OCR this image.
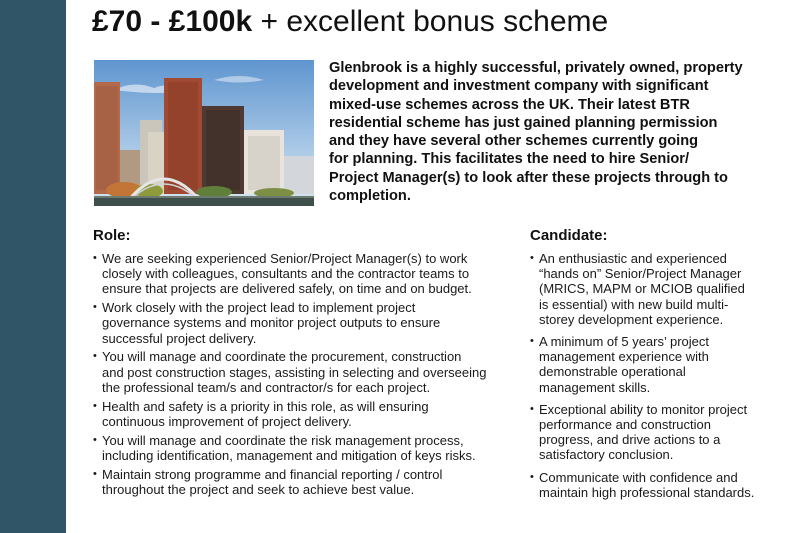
£70 - £100k + excellent bonus scheme

Glenbrook is a highly successful, privately owned, property
development and investment company with significant
mixed-use schemes across the UK. Their latest BTR
residential scheme has just gained planning permission
and they have several other schemes currently going
for planning. This facilitates the need to hire Senior/
Project Manager(s) to look after these projects through to
completion.

Role:
• We are seeking experienced Senior/Project Manager(s) to work
closely with colleagues, consultants and the contractor teams to
ensure that projects are delivered safely, on time and on budget.
• Work closely with the project lead to implement project
governance systems and monitor project outputs to ensure
successful project delivery.
• You will manage and coordinate the procurement, construction
and post construction stages, assisting in selecting and overseeing
the professional team/s and contractor/s for each project.
• Health and safety is a priority in this role, as will ensuring
continuous improvement of project delivery.
• You will manage and coordinate the risk management process,
including identification, management and mitigation of keys risks.
• Maintain strong programme and financial reporting / control
throughout the project and seek to achieve best value.
Candidate:
• An enthusiastic and experienced
“hands on” Senior/Project Manager
(MRICS, MAPM or MCIOB qualified
is essential) with new build multi-
storey development experience.
• A minimum of 5 years’ project
management experience with
demonstrable operational
management skills.
• Exceptional ability to monitor project
performance and construction
progress, and drive actions to a
satisfactory conclusion.
• Communicate with confidence and
maintain high professional standards.
